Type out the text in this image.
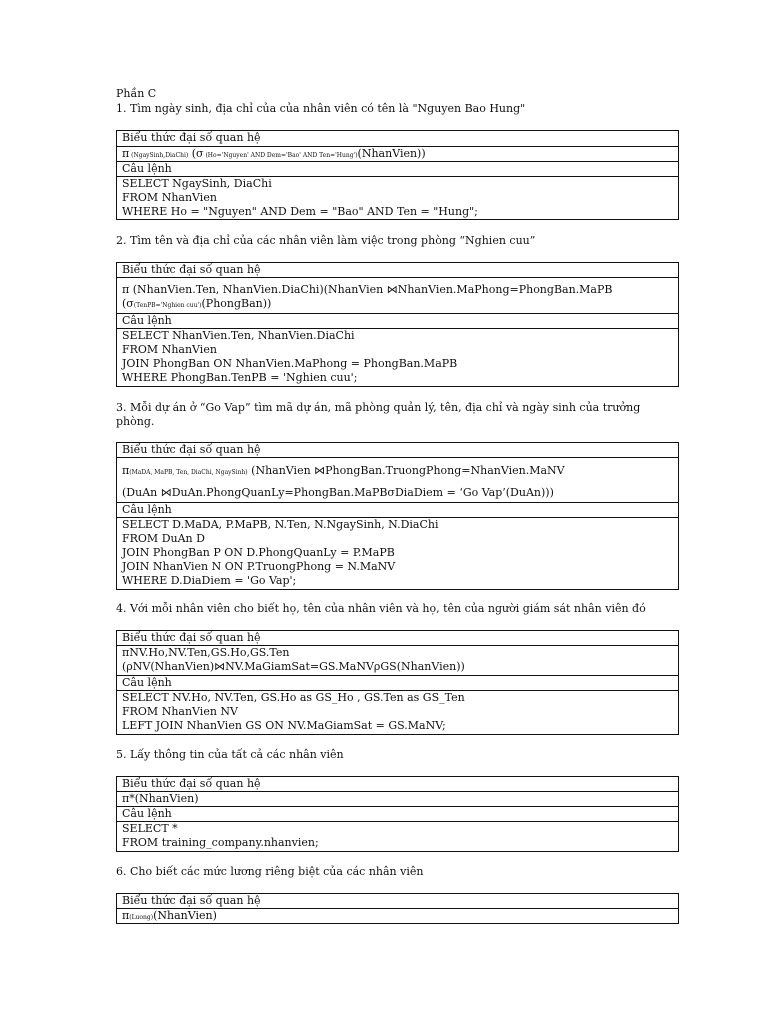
Phần C

1. Tìm ngày sinh, địa chỉ của của nhân viên có tên là "Nguyen Bao Hung"

Biểu thức đại số quan hệ
π (NgaySinh,DiaChi) (σ (Ho='Nguyen' AND Dem='Bao' AND Ten='Hung')(NhanVien))
Câu lệnh
SELECT NgaySinh, DiaChi
FROM NhanVien
WHERE Ho = "Nguyen" AND Dem = "Bao" AND Ten = "Hung";

2. Tìm tên và địa chỉ của các nhân viên làm việc trong phòng “Nghien cuu”

Biểu thức đại số quan hệ
π (NhanVien.Ten, NhanVien.DiaChi)(NhanVien ⋈NhanVien.MaPhong=PhongBan.MaPB
(σ(TenPB='Nghien cuu')(PhongBan))
Câu lệnh
SELECT NhanVien.Ten, NhanVien.DiaChi
FROM NhanVien
JOIN PhongBan ON NhanVien.MaPhong = PhongBan.MaPB
WHERE PhongBan.TenPB = 'Nghien cuu';

3. Mỗi dự án ở “Go Vap” tìm mã dự án, mã phòng quản lý, tên, địa chỉ và ngày sinh của trưởng
phòng.

Biểu thức đại số quan hệ
π(MaDA, MaPB, Ten, DiaChi, NgaySinh) (NhanVien ⋈PhongBan.TruongPhong=NhanVien.MaNV
(DuAn ⋈DuAn.PhongQuanLy=PhongBan.MaPBσDiaDiem = ‘Go Vap’(DuAn)))
Câu lệnh
SELECT D.MaDA, P.MaPB, N.Ten, N.NgaySinh, N.DiaChi
FROM DuAn D
JOIN PhongBan P ON D.PhongQuanLy = P.MaPB
JOIN NhanVien N ON P.TruongPhong = N.MaNV
WHERE D.DiaDiem = 'Go Vap';

4. Với mỗi nhân viên cho biết họ, tên của nhân viên và họ, tên của người giám sát nhân viên đó

Biểu thức đại số quan hệ
πNV.Ho,NV.Ten,GS.Ho,GS.Ten
(ρNV(NhanVien)⋈NV.MaGiamSat=GS.MaNVρGS(NhanVien))
Câu lệnh
SELECT NV.Ho, NV.Ten, GS.Ho as GS_Ho , GS.Ten as GS_Ten
FROM NhanVien NV
LEFT JOIN NhanVien GS ON NV.MaGiamSat = GS.MaNV;

5. Lấy thông tin của tất cả các nhân viên

Biểu thức đại số quan hệ
π*(NhanVien)
Câu lệnh
SELECT *
FROM training_company.nhanvien;

6. Cho biết các mức lương riêng biệt của các nhân viên

Biểu thức đại số quan hệ
π(Luong)(NhanVien)
